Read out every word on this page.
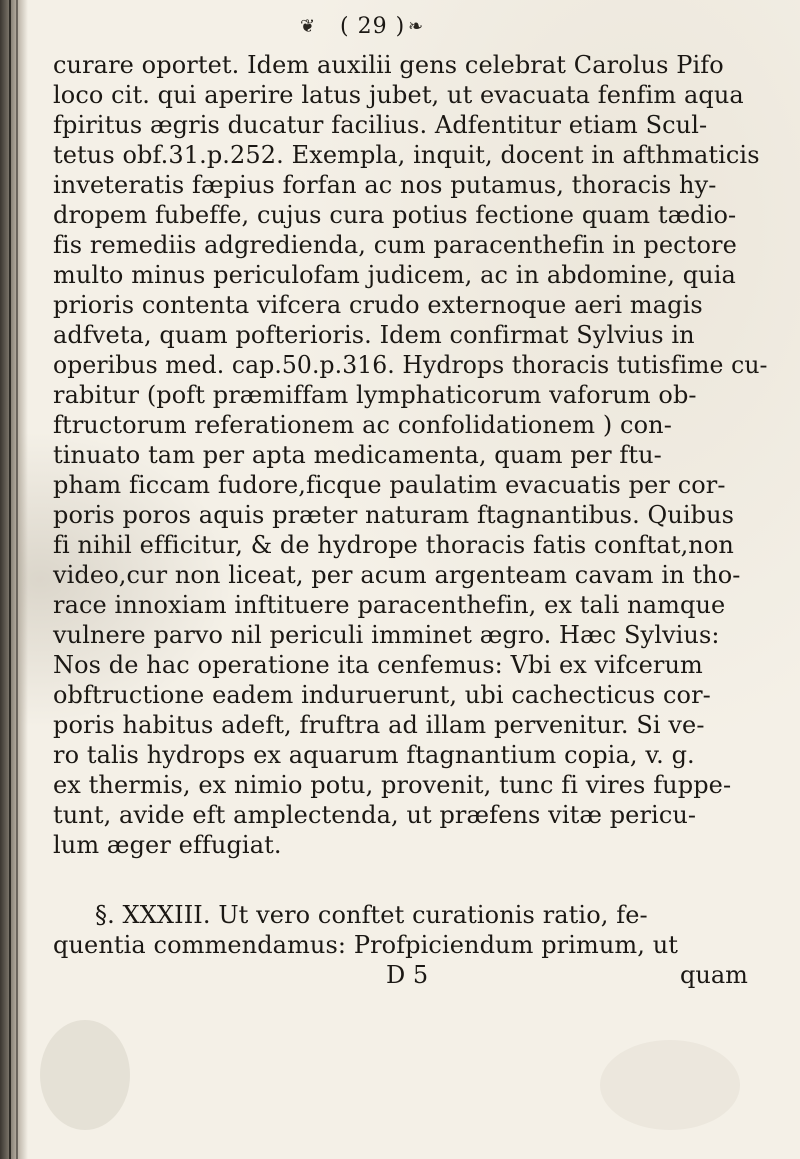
❦ ( 29 ) ❧
curare oportet. Idem auxilii gens celebrat Carolus Pifo
loco cit. qui aperire latus jubet, ut evacuata fenfim aqua
fpiritus ægris ducatur facilius. Adfentitur etiam Scul-
tetus obf.31.p.252. Exempla, inquit, docent in afthmaticis
inveteratis fæpius forfan ac nos putamus, thoracis hy-
dropem fubeffe, cujus cura potius fectione quam tædio-
fis remediis adgredienda, cum paracenthefin in pectore
multo minus periculofam judicem, ac in abdomine, quia
prioris contenta vifcera crudo externoque aeri magis
adfveta, quam pofterioris. Idem confirmat Sylvius in
operibus med. cap.50.p.316. Hydrops thoracis tutisfime cu-
rabitur (poft præmiffam lymphaticorum vaforum ob-
ftructorum referationem ac confolidationem ) con-
tinuato tam per apta medicamenta, quam per ftu-
pham ficcam fudore,ficque paulatim evacuatis per cor-
poris poros aquis præter naturam ftagnantibus. Quibus
fi nihil efficitur, & de hydrope thoracis fatis conftat,non
video,cur non liceat, per acum argenteam cavam in tho-
race innoxiam inftituere paracenthefin, ex tali namque
vulnere parvo nil periculi imminet ægro. Hæc Sylvius:
Nos de hac operatione ita cenfemus: Vbi ex vifcerum
obftructione eadem induruerunt, ubi cachecticus cor-
poris habitus adeft, fruftra ad illam pervenitur. Si ve-
ro talis hydrops ex aquarum ftagnantium copia, v. g.
ex thermis, ex nimio potu, provenit, tunc fi vires fuppe-
tunt, avide eft amplectenda, ut præfens vitæ pericu-
lum æger effugiat.
§. XXXIII. Ut vero conftet curationis ratio, fe-
quentia commendamus: Profpiciendum primum, ut
D 5	quam
